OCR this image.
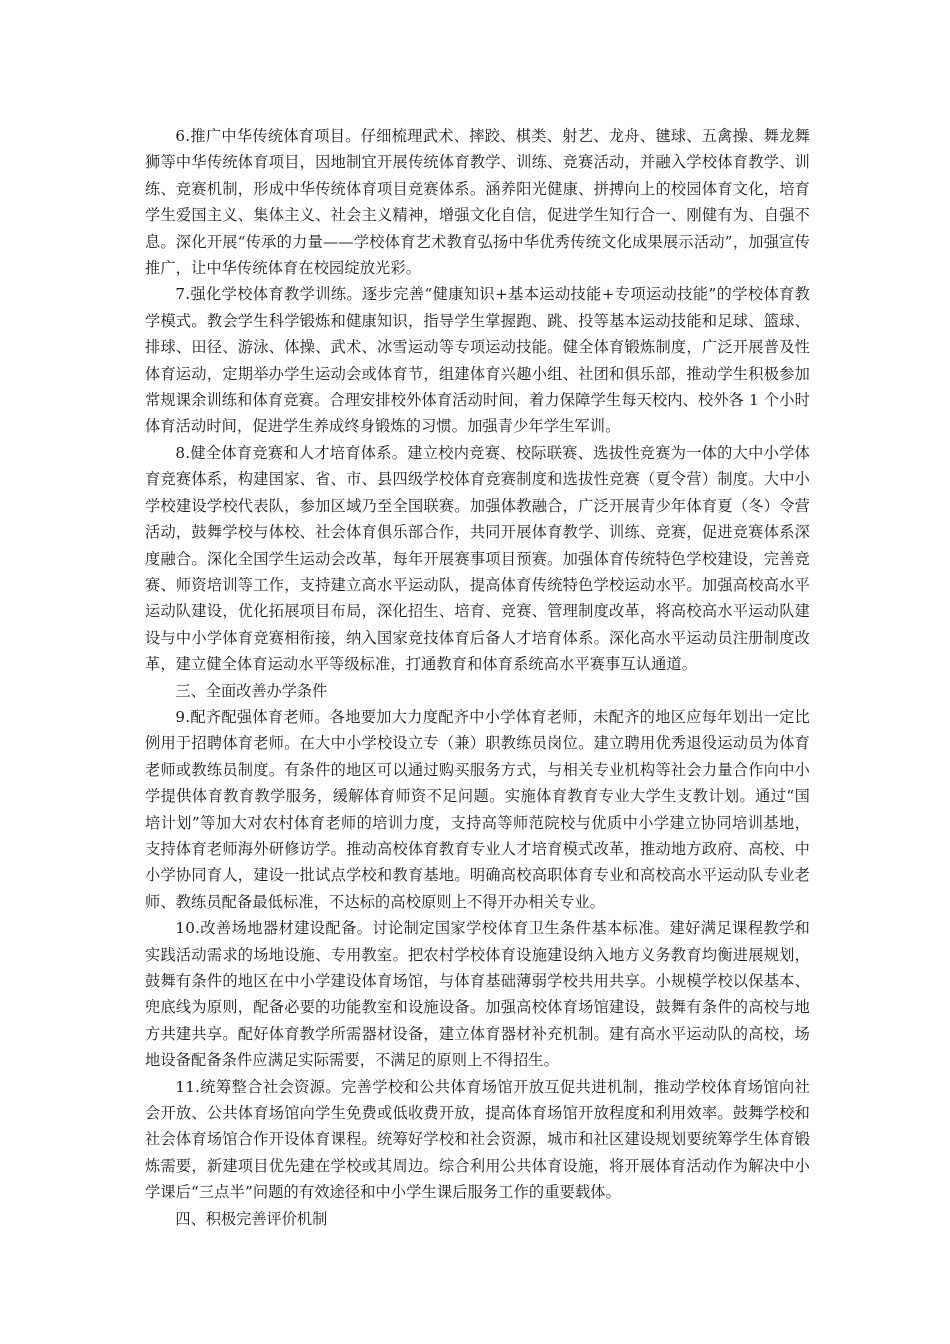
6.推广中华传统体育项目。仔细梳理武术、摔跤、棋类、射艺、龙舟、毽球、五禽操、舞龙舞狮等中华传统体育项目，因地制宜开展传统体育教学、训练、竞赛活动，并融入学校体育教学、训练、竞赛机制，形成中华传统体育项目竞赛体系。涵养阳光健康、拼搏向上的校园体育文化，培育学生爱国主义、集体主义、社会主义精神，增强文化自信，促进学生知行合一、刚健有为、自强不息。深化开展“传承的力量——学校体育艺术教育弘扬中华优秀传统文化成果展示活动”，加强宣传推广，让中华传统体育在校园绽放光彩。

7.强化学校体育教学训练。逐步完善“健康知识+基本运动技能+专项运动技能”的学校体育教学模式。教会学生科学锻炼和健康知识，指导学生掌握跑、跳、投等基本运动技能和足球、篮球、排球、田径、游泳、体操、武术、冰雪运动等专项运动技能。健全体育锻炼制度，广泛开展普及性体育运动，定期举办学生运动会或体育节，组建体育兴趣小组、社团和俱乐部，推动学生积极参加常规课余训练和体育竞赛。合理安排校外体育活动时间，着力保障学生每天校内、校外各 1 个小时体育活动时间，促进学生养成终身锻炼的习惯。加强青少年学生军训。

8.健全体育竞赛和人才培育体系。建立校内竞赛、校际联赛、选拔性竞赛为一体的大中小学体育竞赛体系，构建国家、省、市、县四级学校体育竞赛制度和选拔性竞赛（夏令营）制度。大中小学校建设学校代表队，参加区域乃至全国联赛。加强体教融合，广泛开展青少年体育夏（冬）令营活动，鼓舞学校与体校、社会体育俱乐部合作，共同开展体育教学、训练、竞赛，促进竞赛体系深度融合。深化全国学生运动会改革，每年开展赛事项目预赛。加强体育传统特色学校建设，完善竞赛、师资培训等工作，支持建立高水平运动队，提高体育传统特色学校运动水平。加强高校高水平运动队建设，优化拓展项目布局，深化招生、培育、竞赛、管理制度改革，将高校高水平运动队建设与中小学体育竞赛相衔接，纳入国家竞技体育后备人才培育体系。深化高水平运动员注册制度改革，建立健全体育运动水平等级标准，打通教育和体育系统高水平赛事互认通道。

三、全面改善办学条件

9.配齐配强体育老师。各地要加大力度配齐中小学体育老师，未配齐的地区应每年划出一定比例用于招聘体育老师。在大中小学校设立专（兼）职教练员岗位。建立聘用优秀退役运动员为体育老师或教练员制度。有条件的地区可以通过购买服务方式，与相关专业机构等社会力量合作向中小学提供体育教育教学服务，缓解体育师资不足问题。实施体育教育专业大学生支教计划。通过“国培计划”等加大对农村体育老师的培训力度，支持高等师范院校与优质中小学建立协同培训基地，支持体育老师海外研修访学。推动高校体育教育专业人才培育模式改革，推动地方政府、高校、中小学协同育人，建设一批试点学校和教育基地。明确高校高职体育专业和高校高水平运动队专业老师、教练员配备最低标准，不达标的高校原则上不得开办相关专业。

10.改善场地器材建设配备。讨论制定国家学校体育卫生条件基本标准。建好满足课程教学和实践活动需求的场地设施、专用教室。把农村学校体育设施建设纳入地方义务教育均衡进展规划，鼓舞有条件的地区在中小学建设体育场馆，与体育基础薄弱学校共用共享。小规模学校以保基本、兜底线为原则，配备必要的功能教室和设施设备。加强高校体育场馆建设，鼓舞有条件的高校与地方共建共享。配好体育教学所需器材设备，建立体育器材补充机制。建有高水平运动队的高校，场地设备配备条件应满足实际需要，不满足的原则上不得招生。

11.统筹整合社会资源。完善学校和公共体育场馆开放互促共进机制，推动学校体育场馆向社会开放、公共体育场馆向学生免费或低收费开放，提高体育场馆开放程度和利用效率。鼓舞学校和社会体育场馆合作开设体育课程。统筹好学校和社会资源，城市和社区建设规划要统筹学生体育锻炼需要，新建项目优先建在学校或其周边。综合利用公共体育设施，将开展体育活动作为解决中小学课后“三点半”问题的有效途径和中小学生课后服务工作的重要载体。

四、积极完善评价机制
